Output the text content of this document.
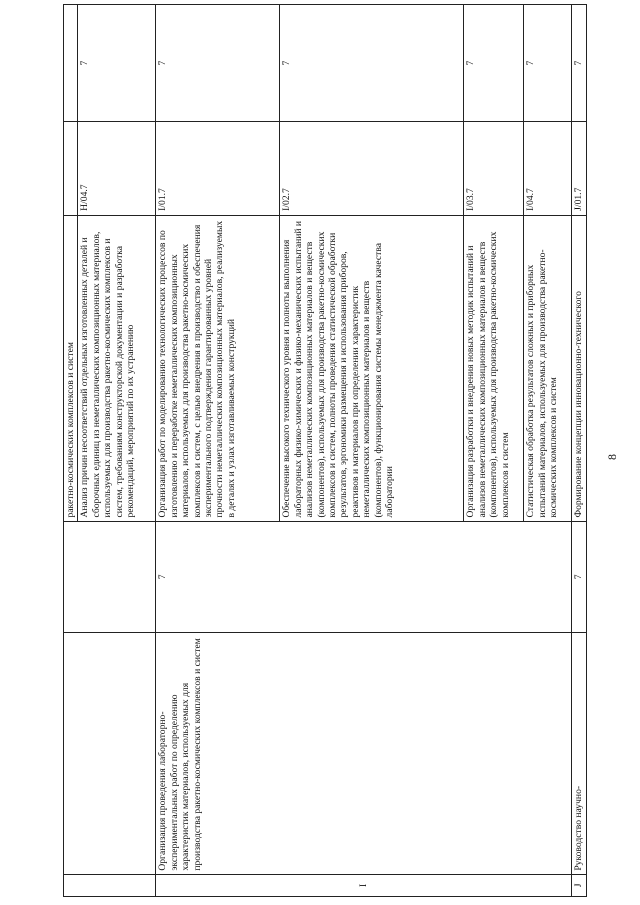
8
			ракетно-космических комплексов и систем		
			Анализ причин несоответствий отдельных изготовленных деталей и сборочных единиц из неметаллических композиционных материалов, используемых для производства ракетно-космических комплексов и систем, требованиям конструкторской документации и разработка рекомендаций, мероприятий по их устранению	H/04.7	7
I	Организация проведения лабораторно-экспериментальных работ по определению характеристик материалов, используемых для производства ракетно-космических комплексов и систем	7	Организация работ по моделированию технологических процессов по изготовлению и переработке неметаллических композиционных материалов, используемых для производства ракетно-космических комплексов и систем, с целью внедрения в производство и обеспечения экспериментального подтверждения гарантированных уровней прочности неметаллических композиционных материалов, реализуемых в деталях и узлах изготавливаемых конструкций	I/01.7	7
			Обеспечение высокого технического уровня и полноты выполнения лабораторных физико-химических и физико-механических испытаний и анализов неметаллических композиционных материалов и веществ (компонентов), используемых для производства ракетно-космических комплексов и систем, полноты проведения статистической обработки результатов, эргономики размещения и использования приборов, реактивов и материалов при определении характеристик неметаллических композиционных материалов и веществ (компонентов), функционирования системы менеджмента качества лаборатории	I/02.7	7
			Организация разработки и внедрения новых методик испытаний и анализов неметаллических композиционных материалов и веществ (компонентов), используемых для производства ракетно-космических комплексов и систем	I/03.7	7
			Статистическая обработка результатов сложных и приборных испытаний материалов, используемых для производства ракетно-космических комплексов и систем	I/04.7	7
J	Руководство научно-	7	Формирование концепции инновационно-технического	J/01.7	7
